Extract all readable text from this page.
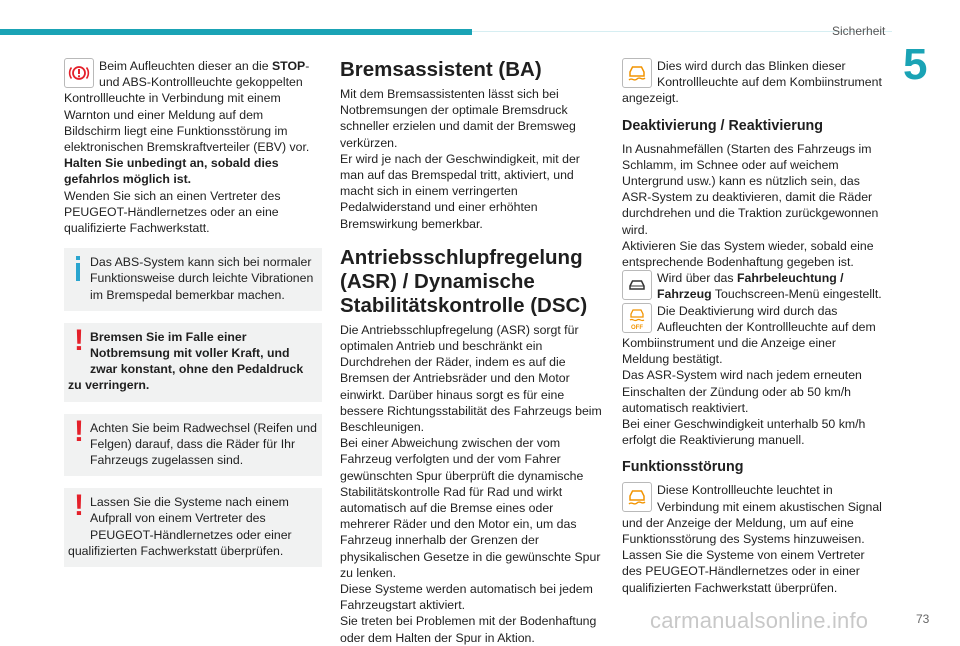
Sicherheit
5

Beim Aufleuchten dieser an die STOP- und ABS-Kontrollleuchte gekoppelten Kontrollleuchte in Verbindung mit einem Warnton und einer Meldung auf dem Bildschirm liegt eine Funktionsstörung im elektronischen Bremskraftverteiler (EBV) vor.

Halten Sie unbedingt an, sobald dies gefahrlos möglich ist.

Wenden Sie sich an einen Vertreter des PEUGEOT-Händlernetzes oder an eine qualifizierte Fachwerkstatt.

Das ABS-System kann sich bei normaler Funktionsweise durch leichte Vibrationen im Bremspedal bemerkbar machen.

! Bremsen Sie im Falle einer Notbremsung mit voller Kraft, und zwar konstant, ohne den Pedaldruck zu verringern.

! Achten Sie beim Radwechsel (Reifen und Felgen) darauf, dass die Räder für Ihr Fahrzeugs zugelassen sind.

! Lassen Sie die Systeme nach einem Aufprall von einem Vertreter des PEUGEOT-Händlernetzes oder einer qualifizierten Fachwerkstatt überprüfen.

Bremsassistent (BA)

Mit dem Bremsassistenten lässt sich bei Notbremsungen der optimale Bremsdruck schneller erzielen und damit der Bremsweg verkürzen.

Er wird je nach der Geschwindigkeit, mit der man auf das Bremspedal tritt, aktiviert, und macht sich in einem verringerten Pedalwiderstand und einer erhöhten Bremswirkung bemerkbar.

Antriebsschlupfregelung (ASR) / Dynamische Stabilitätskontrolle (DSC)

Die Antriebsschlupfregelung (ASR) sorgt für optimalen Antrieb und beschränkt ein Durchdrehen der Räder, indem es auf die Bremsen der Antriebsräder und den Motor einwirkt. Darüber hinaus sorgt es für eine bessere Richtungsstabilität des Fahrzeugs beim Beschleunigen.

Bei einer Abweichung zwischen der vom Fahrzeug verfolgten und der vom Fahrer gewünschten Spur überprüft die dynamische Stabilitätskontrolle Rad für Rad und wirkt automatisch auf die Bremse eines oder mehrerer Räder und den Motor ein, um das Fahrzeug innerhalb der Grenzen der physikalischen Gesetze in die gewünschte Spur zu lenken.

Diese Systeme werden automatisch bei jedem Fahrzeugstart aktiviert.

Sie treten bei Problemen mit der Bodenhaftung oder dem Halten der Spur in Aktion.

Dies wird durch das Blinken dieser Kontrollleuchte auf dem Kombiinstrument angezeigt.

Deaktivierung / Reaktivierung

In Ausnahmefällen (Starten des Fahrzeugs im Schlamm, im Schnee oder auf weichem Untergrund usw.) kann es nützlich sein, das ASR-System zu deaktivieren, damit die Räder durchdrehen und die Traktion zurückgewonnen wird.

Aktivieren Sie das System wieder, sobald eine entsprechende Bodenhaftung gegeben ist.

Wird über das Fahrbeleuchtung / Fahrzeug Touchscreen-Menü eingestellt.

OFF

Die Deaktivierung wird durch das Aufleuchten der Kontrollleuchte auf dem Kombiinstrument und die Anzeige einer Meldung bestätigt.

Das ASR-System wird nach jedem erneuten Einschalten der Zündung oder ab 50 km/h automatisch reaktiviert.

Bei einer Geschwindigkeit unterhalb 50 km/h erfolgt die Reaktivierung manuell.

Funktionsstörung

Diese Kontrollleuchte leuchtet in Verbindung mit einem akustischen Signal und der Anzeige der Meldung, um auf eine Funktionsstörung des Systems hinzuweisen.

Lassen Sie die Systeme von einem Vertreter des PEUGEOT-Händlernetzes oder in einer qualifizierten Fachwerkstatt überprüfen.

carmanualsonline.info	73
